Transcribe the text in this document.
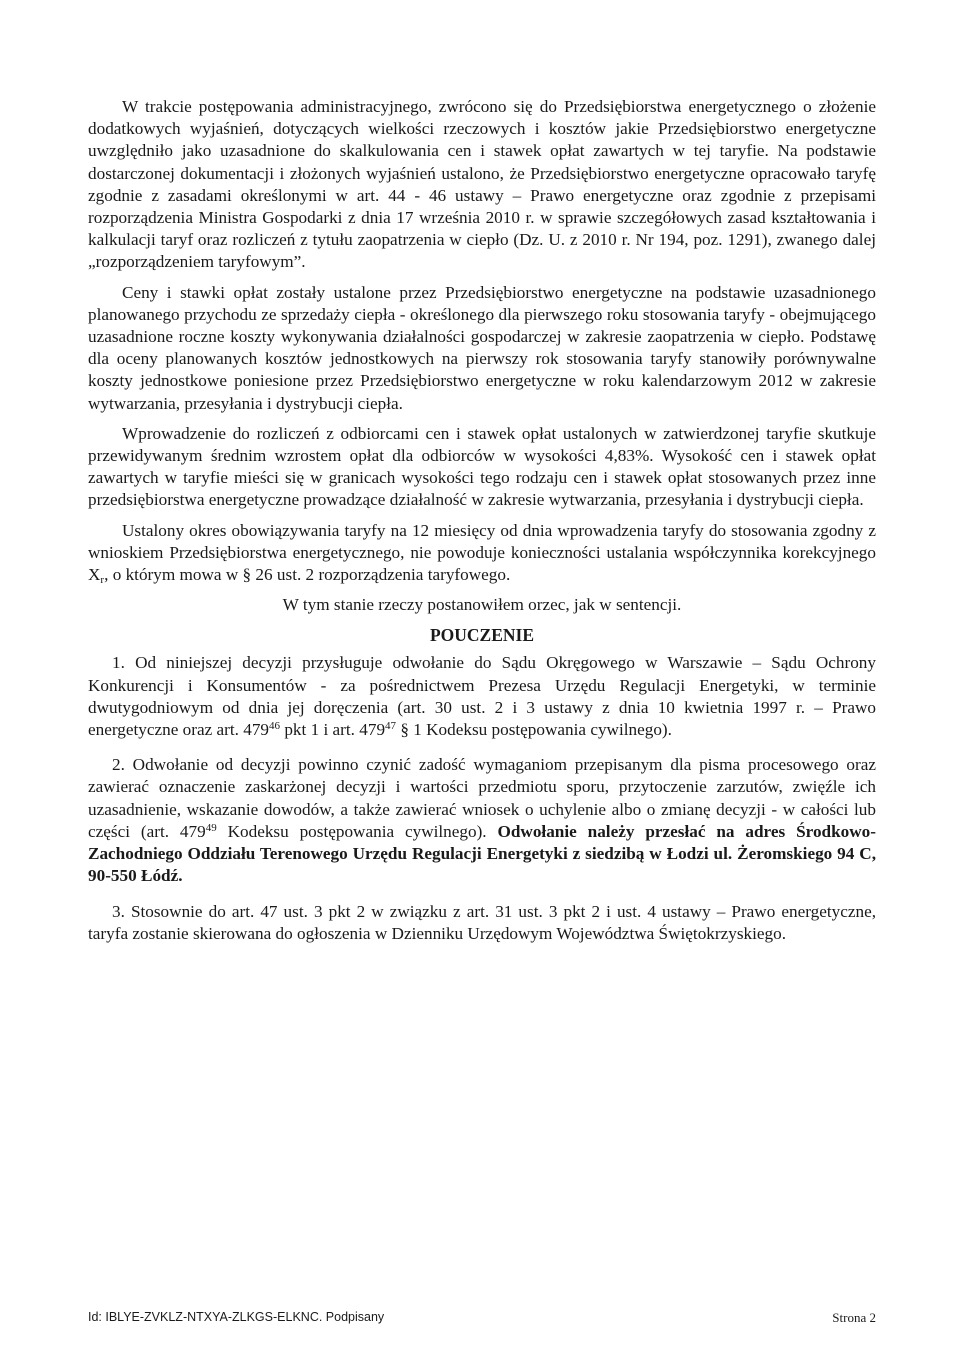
W trakcie postępowania administracyjnego, zwrócono się do Przedsiębiorstwa energetycznego o złożenie dodatkowych wyjaśnień, dotyczących wielkości rzeczowych i kosztów jakie Przedsiębiorstwo energetyczne uwzględniło jako uzasadnione do skalkulowania cen i stawek opłat zawartych w tej taryfie. Na podstawie dostarczonej dokumentacji i złożonych wyjaśnień ustalono, że Przedsiębiorstwo energetyczne opracowało taryfę zgodnie z zasadami określonymi w art. 44 - 46 ustawy – Prawo energetyczne oraz zgodnie z przepisami rozporządzenia Ministra Gospodarki z dnia 17 września 2010 r. w sprawie szczegółowych zasad kształtowania i kalkulacji taryf oraz rozliczeń z tytułu zaopatrzenia w ciepło (Dz. U. z 2010 r. Nr 194, poz. 1291), zwanego dalej „rozporządzeniem taryfowym”.

Ceny i stawki opłat zostały ustalone przez Przedsiębiorstwo energetyczne na podstawie uzasadnionego planowanego przychodu ze sprzedaży ciepła - określonego dla pierwszego roku stosowania taryfy - obejmującego uzasadnione roczne koszty wykonywania działalności gospodarczej w zakresie zaopatrzenia w ciepło. Podstawę dla oceny planowanych kosztów jednostkowych na pierwszy rok stosowania taryfy stanowiły porównywalne koszty jednostkowe poniesione przez Przedsiębiorstwo energetyczne w roku kalendarzowym 2012 w zakresie wytwarzania, przesyłania i dystrybucji ciepła.

Wprowadzenie do rozliczeń z odbiorcami cen i stawek opłat ustalonych w zatwierdzonej taryfie skutkuje przewidywanym średnim wzrostem opłat dla odbiorców w wysokości 4,83%. Wysokość cen i stawek opłat zawartych w taryfie mieści się w granicach wysokości tego rodzaju cen i stawek opłat stosowanych przez inne przedsiębiorstwa energetyczne prowadzące działalność w zakresie wytwarzania, przesyłania i dystrybucji ciepła.

Ustalony okres obowiązywania taryfy na 12 miesięcy od dnia wprowadzenia taryfy do stosowania zgodny z wnioskiem Przedsiębiorstwa energetycznego, nie powoduje konieczności ustalania współczynnika korekcyjnego $X_r$, o którym mowa w § 26 ust. 2 rozporządzenia taryfowego.

W tym stanie rzeczy postanowiłem orzec, jak w sentencji.

POUCZENIE

1. Od niniejszej decyzji przysługuje odwołanie do Sądu Okręgowego w Warszawie – Sądu Ochrony Konkurencji i Konsumentów - za pośrednictwem Prezesa Urzędu Regulacji Energetyki, w terminie dwutygodniowym od dnia jej doręczenia (art. 30 ust. 2 i 3 ustawy z dnia 10 kwietnia 1997 r. – Prawo energetyczne oraz art. $479^{46}$ pkt 1 i art. $479^{47}$ § 1 Kodeksu postępowania cywilnego).

2. Odwołanie od decyzji powinno czynić zadość wymaganiom przepisanym dla pisma procesowego oraz zawierać oznaczenie zaskarżonej decyzji i wartości przedmiotu sporu, przytoczenie zarzutów, zwięźle ich uzasadnienie, wskazanie dowodów, a także zawierać wniosek o uchylenie albo o zmianę decyzji - w całości lub części (art. $479^{49}$ Kodeksu postępowania cywilnego). Odwołanie należy przesłać na adres Środkowo-Zachodniego Oddziału Terenowego Urzędu Regulacji Energetyki z siedzibą w Łodzi ul. Żeromskiego 94 C, 90-550 Łódź.

3. Stosownie do art. 47 ust. 3 pkt 2 w związku z art. 31 ust. 3 pkt 2 i ust. 4 ustawy – Prawo energetyczne, taryfa zostanie skierowana do ogłoszenia w Dzienniku Urzędowym Województwa Świętokrzyskiego.

Id: IBLYE-ZVKLZ-NTXYA-ZLKGS-ELKNC. Podpisany	Strona 2
